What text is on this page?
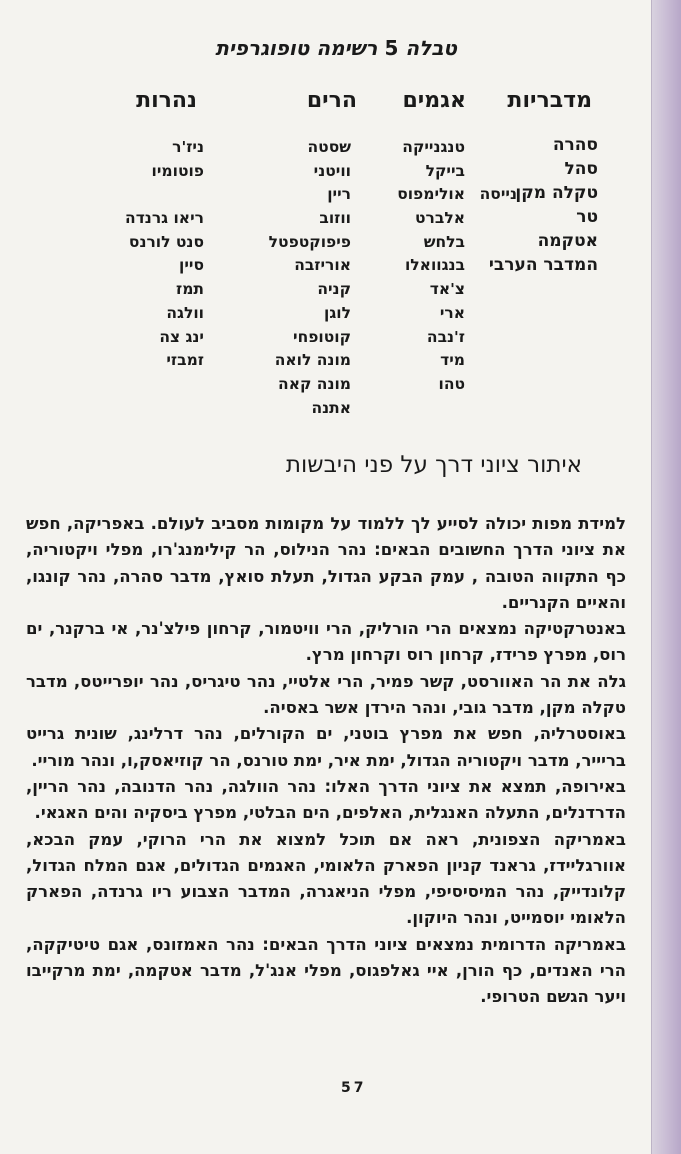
טבלה5רשימה טופוגרפית
מדבריות
אגמים
הרים
נהרות
סהרה
סהל
טקלה מקן
טר
אטקמה
המדבר הערבי
נייסה
טנגנייקה
בייקל
אולימפוס
אלברט
בלחש
בנגוואלו
צ'אד
ארי
ז'נבה
מיד
טהו
שסטה
וויטני
ריין
ווזוב
פיפוקטפטל
אוריזבה
קניה
לוגן
קוטופחי
מונה לואה
מונה קאה
אתנה
ניז'ר
פוטומיו
ריאו גרנדה
סנט לורנס
סיין
תמז
וולגה
ינג צה
זמבזי
איתור ציוני דרך על פני היבשות

למידת מפות יכולה לסייע לך ללמוד על מקומות מסביב לעולם. באפריקה, חפש את ציוני הדרך החשובים הבאים: נהר הנילוס, הר קילימנג'רו, מפלי ויקטוריה, כף התקווה הטובה , עמק הבקע הגדול, תעלת סואץ, מדבר סהרה, נהר קונגו, והאיים הקנריים.

באנטרקטיקה נמצאים הרי הורליק, הרי וויטמור, קרחון פילצ'נר, אי ברקנר, ים רוס, מפרץ פרידז, קרחון רוס וקרחון מרץ.

גלה את הר האוורסט, קשר פמיר, הרי אלטיי, נהר טיגריס, נהר יופרייטס, מדבר טקלה מקן, מדבר גובי, ונהר הירדן אשר באסיה.

באוסטרליה, חפש את מפרץ בוטני, ים הקורלים, נהר דרלינג, שונית גרייט בריייר, מדבר ויקטוריה הגדול, ימת איר, ימת טורנס, הר קוזיאסק,ו, ונהר מוריי.

באירופה, תמצא את ציוני הדרך האלו: נהר הוולגה, נהר הדנובה, נהר הריין, הדרדנלים, התעלה האנגלית, האלפים, הים הבלטי, מפרץ ביסקיה והים האגאי.

באמריקה הצפונית, ראה אם תוכל למצוא את הרי הרוקי, עמק הבכא, אוורגליידז, גראנד קניון הפארק הלאומי, האגמים הגדולים, אגם המלח הגדול, קלונדייק, נהר המיסיסיפי, מפלי הניאגרה, המדבר הצבוע ריו גרנדה, הפארק הלאומי יוסמייט, ונהר היוקון.

באמריקה הדרומית נמצאים ציוני הדרך הבאים: נהר האמזונס, אגם טיטיקקה, הרי האנדים, כף הורן, איי גאלפגוס, מפלי אנג'ל, מדבר אטקמה, ימת מרקייבו ויער הגשם הטרופי.

57
